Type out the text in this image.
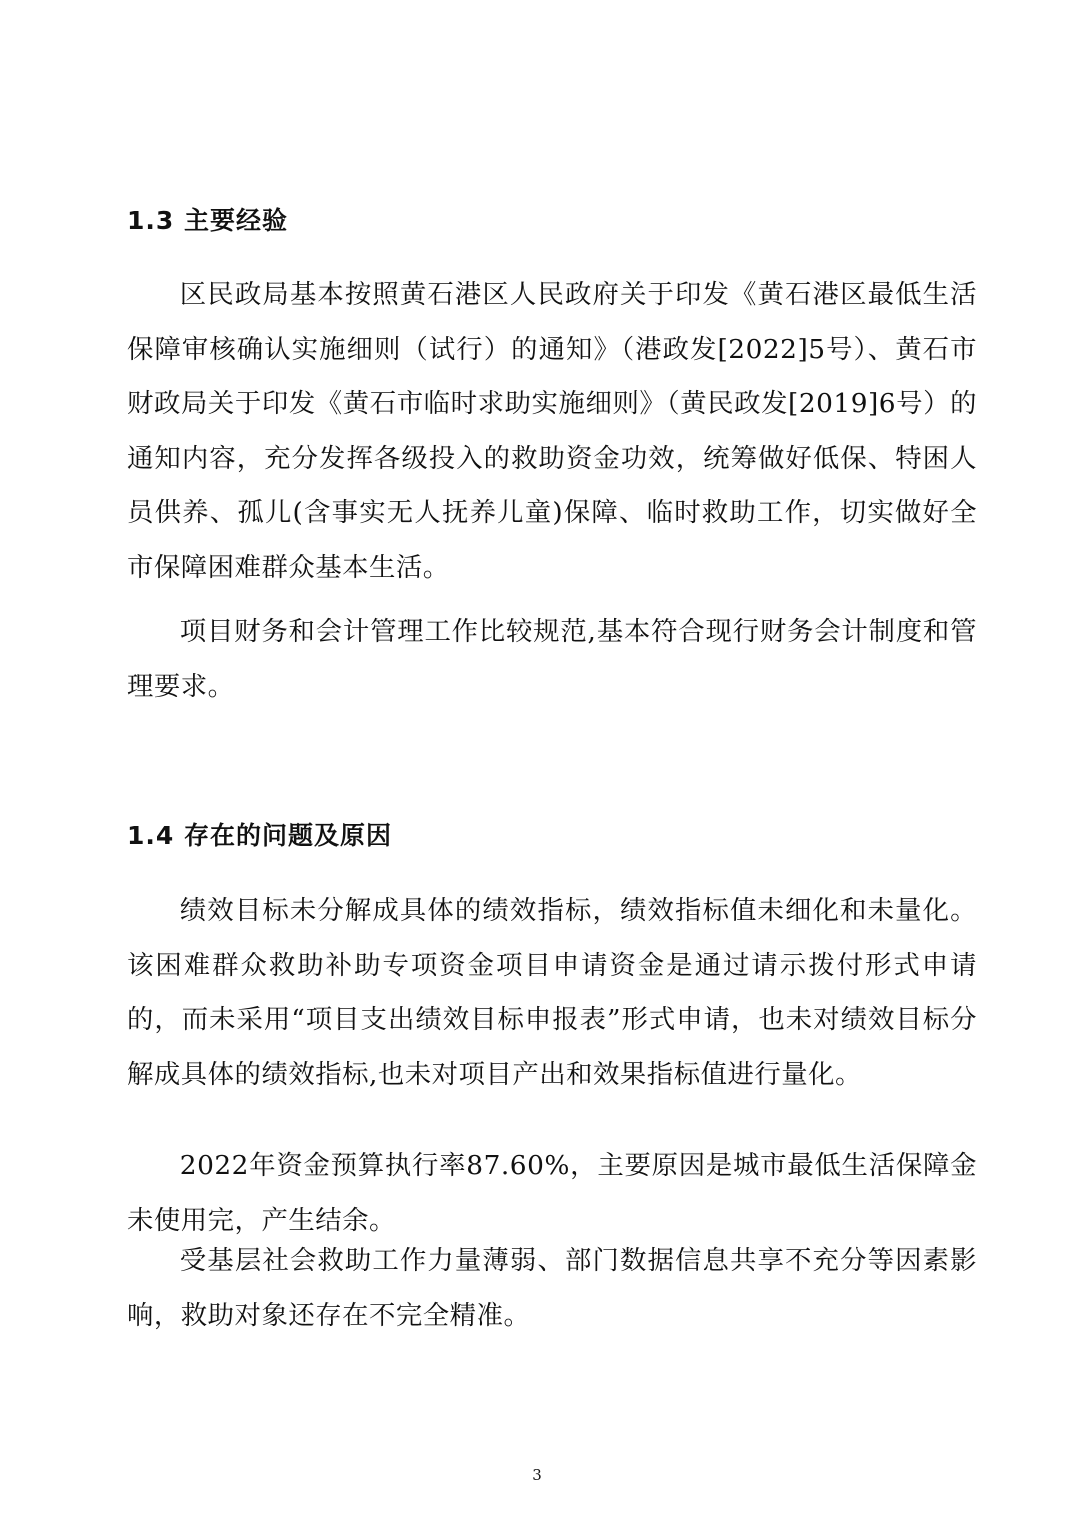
1.3 主要经验

区民政局基本按照黄石港区人民政府关于印发《黄石港区最低生活保障审核确认实施细则（试行）的通知》（港政发[2022]5号）、黄石市财政局关于印发《黄石市临时求助实施细则》（黄民政发[2019]6号）的通知内容，充分发挥各级投入的救助资金功效，统筹做好低保、特困人员供养、孤儿(含事实无人抚养儿童)保障、临时救助工作，切实做好全市保障困难群众基本生活。

项目财务和会计管理工作比较规范,基本符合现行财务会计制度和管理要求。

1.4 存在的问题及原因

绩效目标未分解成具体的绩效指标，绩效指标值未细化和未量化。该困难群众救助补助专项资金项目申请资金是通过请示拨付形式申请的，而未采用“项目支出绩效目标申报表”形式申请，也未对绩效目标分解成具体的绩效指标,也未对项目产出和效果指标值进行量化。

2022年资金预算执行率87.60%，主要原因是城市最低生活保障金未使用完，产生结余。

受基层社会救助工作力量薄弱、部门数据信息共享不充分等因素影响，救助对象还存在不完全精准。

3
